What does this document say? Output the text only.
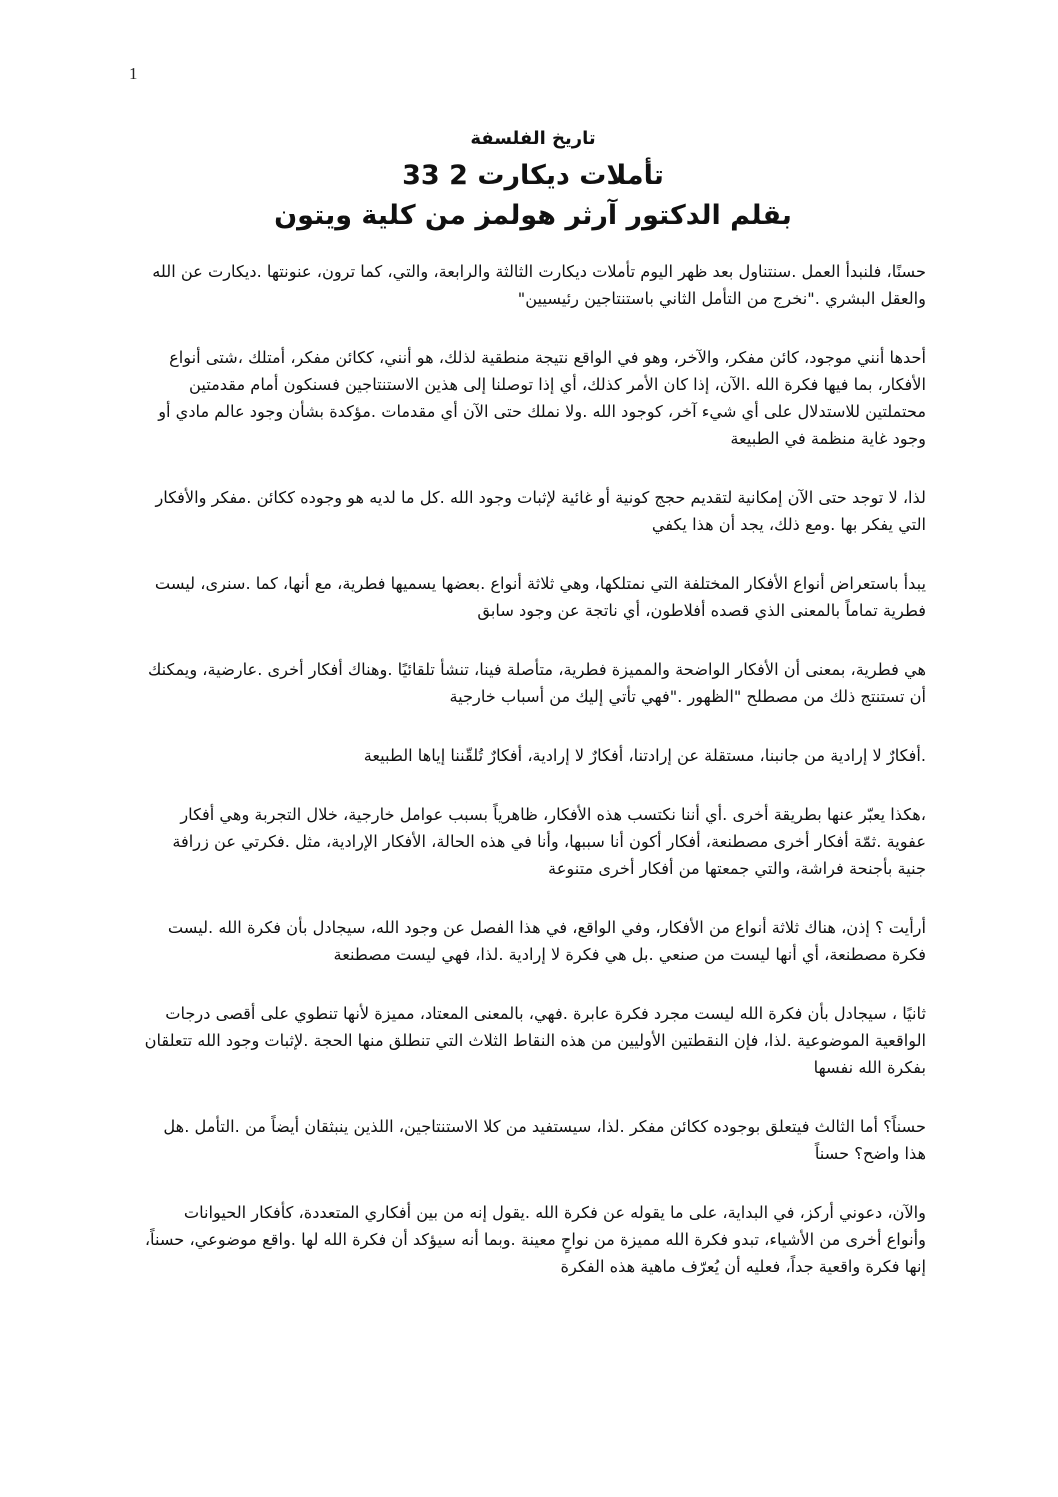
1
تاريخ الفلسفة
تأملات ديكارت 2 33
بقلم الدكتور آرثر هولمز من كلية ويتون

حسنًا، فلنبدأ العمل .سنتناول بعد ظهر اليوم تأملات ديكارت الثالثة والرابعة، والتي، كما ترون، عنونتها .ديكارت عن الله والعقل البشري ."نخرج من التأمل الثاني باستنتاجين رئيسيين"

أحدها أنني موجود، كائن مفكر، والآخر، وهو في الواقع نتيجة منطقية لذلك، هو أنني، ككائن مفكر، أمتلك ،شتى أنواع الأفكار، بما فيها فكرة الله .الآن، إذا كان الأمر كذلك، أي إذا توصلنا إلى هذين الاستنتاجين فسنكون أمام مقدمتين محتملتين للاستدلال على أي شيء آخر، كوجود الله .ولا نملك حتى الآن أي مقدمات .مؤكدة بشأن وجود عالم مادي أو وجود غاية منظمة في الطبيعة

لذا، لا توجد حتى الآن إمكانية لتقديم حجج كونية أو غائية لإثبات وجود الله .كل ما لديه هو وجوده ككائن .مفكر والأفكار التي يفكر بها .ومع ذلك، يجد أن هذا يكفي

يبدأ باستعراض أنواع الأفكار المختلفة التي نمتلكها، وهي ثلاثة أنواع .بعضها يسميها فطرية، مع أنها، كما .سنرى، ليست فطرية تماماً بالمعنى الذي قصده أفلاطون، أي ناتجة عن وجود سابق

هي فطرية، بمعنى أن الأفكار الواضحة والمميزة فطرية، متأصلة فينا، تنشأ تلقائيًا .وهناك أفكار أخرى .عارضية، ويمكنك أن تستنتج ذلك من مصطلح "الظهور ."فهي تأتي إليك من أسباب خارجية

.أفكارٌ لا إرادية من جانبنا، مستقلة عن إرادتنا، أفكارٌ لا إرادية، أفكارٌ تُلقّننا إياها الطبيعة

،هكذا يعبّر عنها بطريقة أخرى .أي أننا نكتسب هذه الأفكار، ظاهرياً بسبب عوامل خارجية، خلال التجربة وهي أفكار عفوية .ثمّة أفكار أخرى مصطنعة، أفكار أكون أنا سببها، وأنا في هذه الحالة، الأفكار الإرادية، مثل .فكرتي عن زرافة جنية بأجنحة فراشة، والتي جمعتها من أفكار أخرى متنوعة

أرأيت ؟ إذن، هناك ثلاثة أنواع من الأفكار، وفي الواقع، في هذا الفصل عن وجود الله، سيجادل بأن فكرة الله .ليست فكرة مصطنعة، أي أنها ليست من صنعي .بل هي فكرة لا إرادية .لذا، فهي ليست مصطنعة

ثانيًا ، سيجادل بأن فكرة الله ليست مجرد فكرة عابرة .فهي، بالمعنى المعتاد، مميزة لأنها تنطوي على أقصى درجات الواقعية الموضوعية .لذا، فإن النقطتين الأوليين من هذه النقاط الثلاث التي تنطلق منها الحجة .لإثبات وجود الله تتعلقان بفكرة الله نفسها

حسناً؟ أما الثالث فيتعلق بوجوده ككائن مفكر .لذا، سيستفيد من كلا الاستنتاجين، اللذين ينبثقان أيضاً من .التأمل .هل هذا واضح؟ حسناً

والآن، دعوني أركز، في البداية، على ما يقوله عن فكرة الله .يقول إنه من بين أفكاري المتعددة، كأفكار الحيوانات وأنواع أخرى من الأشياء، تبدو فكرة الله مميزة من نواحٍ معينة .وبما أنه سيؤكد أن فكرة الله لها .واقع موضوعي، حسناً، إنها فكرة واقعية جداً، فعليه أن يُعرّف ماهية هذه الفكرة
